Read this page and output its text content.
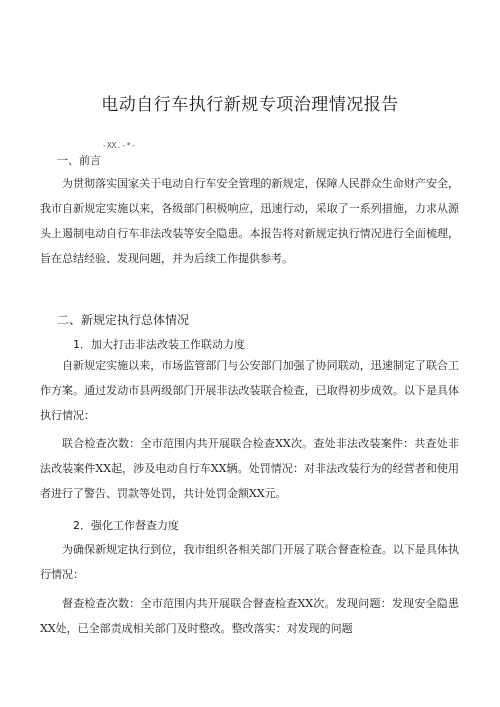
电动自行车执行新规专项治理情况报告
-XX.-*-
一、前言

为贯彻落实国家关于电动自行车安全管理的新规定，保障人民群众生命财产安全，我市自新规定实施以来，各级部门积极响应，迅速行动，采取了一系列措施，力求从源头上遏制电动自行车非法改装等安全隐患。本报告将对新规定执行情况进行全面梳理，旨在总结经验、发现问题，并为后续工作提供参考。

二、新规定执行总体情况
1．加大打击非法改装工作联动力度

自新规定实施以来，市场监管部门与公安部门加强了协同联动，迅速制定了联合工作方案。通过发动市县两级部门开展非法改装联合检查，已取得初步成效。以下是具体执行情况：

联合检查次数：全市范围内共开展联合检查XX次。查处非法改装案件：共查处非法改装案件XX起，涉及电动自行车XX辆。处罚情况：对非法改装行为的经营者和使用者进行了警告、罚款等处罚，共计处罚金额XX元。

2．强化工作督查力度

为确保新规定执行到位，我市组织各相关部门开展了联合督查检查。以下是具体执行情况：

督查检查次数：全市范围内共开展联合督查检查XX次。发现问题：发现安全隐患XX处，已全部责成相关部门及时整改。整改落实：对发现的问题
